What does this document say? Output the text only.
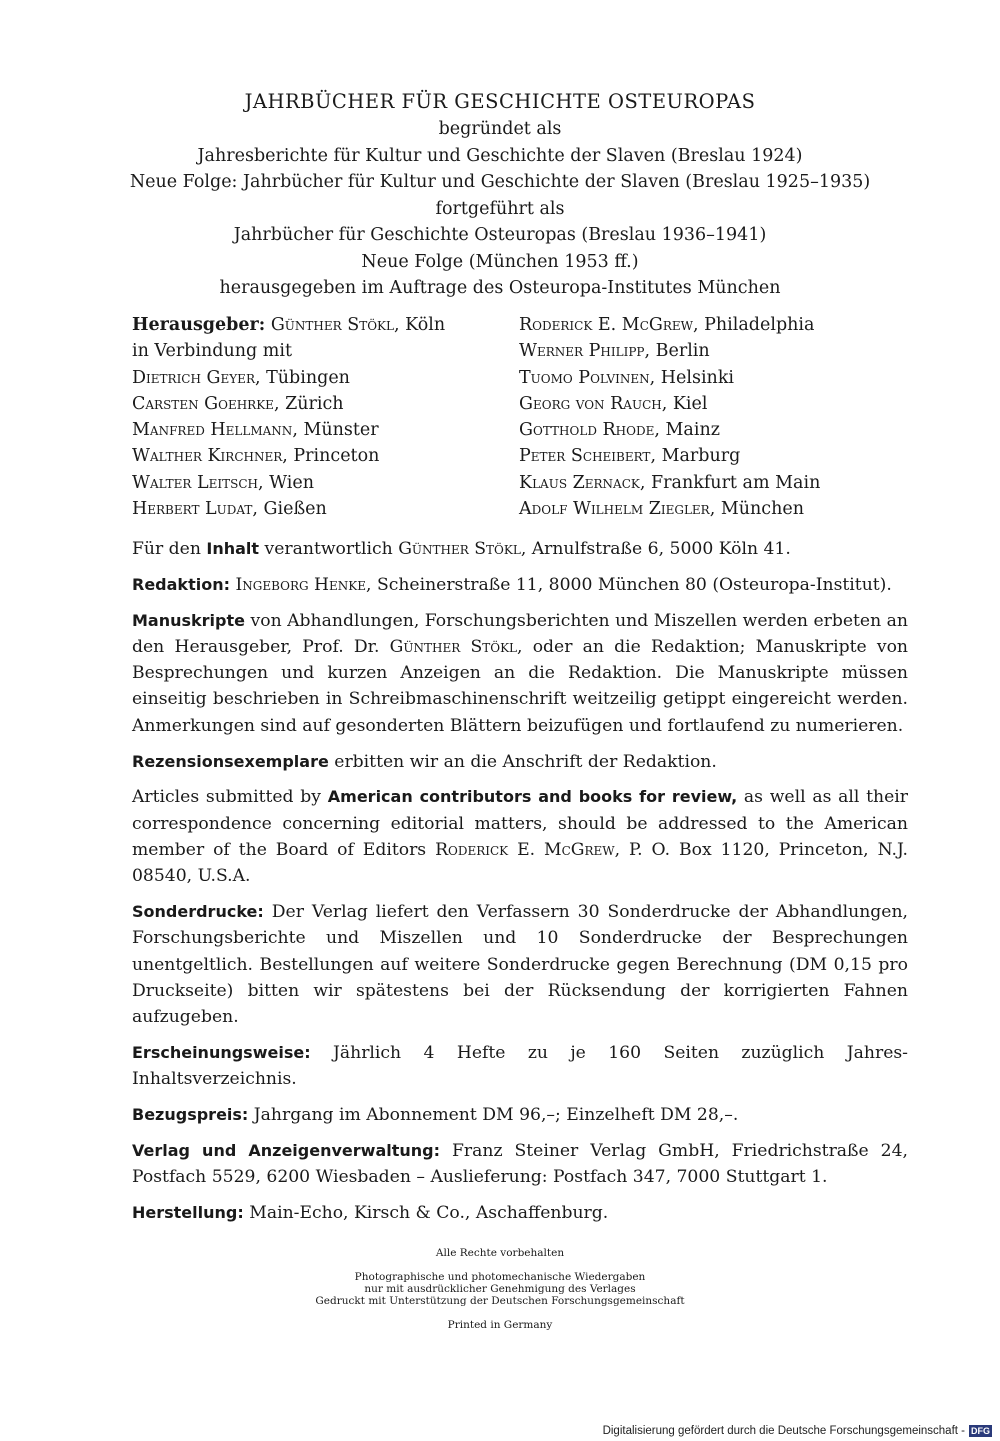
JAHRBÜCHER FÜR GESCHICHTE OSTEUROPAS
begründet als
Jahresberichte für Kultur und Geschichte der Slaven (Breslau 1924)
Neue Folge: Jahrbücher für Kultur und Geschichte der Slaven (Breslau 1925–1935)
fortgeführt als
Jahrbücher für Geschichte Osteuropas (Breslau 1936–1941)
Neue Folge (München 1953 ff.)
herausgegeben im Auftrage des Osteuropa-Institutes München
Herausgeber: Günther Stökl, Köln
in Verbindung mit
Dietrich Geyer, Tübingen
Carsten Goehrke, Zürich
Manfred Hellmann, Münster
Walther Kirchner, Princeton
Walter Leitsch, Wien
Herbert Ludat, Gießen
Roderick E. McGrew, Philadelphia
Werner Philipp, Berlin
Tuomo Polvinen, Helsinki
Georg von Rauch, Kiel
Gotthold Rhode, Mainz
Peter Scheibert, Marburg
Klaus Zernack, Frankfurt am Main
Adolf Wilhelm Ziegler, München

Für den Inhalt verantwortlich Günther Stökl, Arnulfstraße 6, 5000 Köln 41.

Redaktion: Ingeborg Henke, Scheinerstraße 11, 8000 München 80 (Osteuropa-Institut).

Manuskripte von Abhandlungen, Forschungsberichten und Miszellen werden erbeten an den Herausgeber, Prof. Dr. Günther Stökl, oder an die Redaktion; Manuskripte von Besprechungen und kurzen Anzeigen an die Redaktion. Die Manuskripte müssen einseitig beschrieben in Schreibmaschinenschrift weitzeilig getippt eingereicht werden. Anmerkungen sind auf gesonderten Blättern beizufügen und fortlaufend zu numerieren.

Rezensionsexemplare erbitten wir an die Anschrift der Redaktion.

Articles submitted by American contributors and books for review, as well as all their correspondence concerning editorial matters, should be addressed to the American member of the Board of Editors Roderick E. McGrew, P. O. Box 1120, Princeton, N.J. 08540, U.S.A.

Sonderdrucke: Der Verlag liefert den Verfassern 30 Sonderdrucke der Abhandlungen, Forschungsberichte und Miszellen und 10 Sonderdrucke der Besprechungen unentgeltlich. Bestellungen auf weitere Sonderdrucke gegen Berechnung (DM 0,15 pro Druckseite) bitten wir spätestens bei der Rücksendung der korrigierten Fahnen aufzugeben.

Erscheinungsweise: Jährlich 4 Hefte zu je 160 Seiten zuzüglich Jahres-Inhaltsverzeichnis.

Bezugspreis: Jahrgang im Abonnement DM 96,–; Einzelheft DM 28,–.

Verlag und Anzeigenverwaltung: Franz Steiner Verlag GmbH, Friedrichstraße 24, Postfach 5529, 6200 Wiesbaden – Auslieferung: Postfach 347, 7000 Stuttgart 1.

Herstellung: Main-Echo, Kirsch & Co., Aschaffenburg.

Alle Rechte vorbehalten
Photographische und photomechanische Wiedergaben
nur mit ausdrücklicher Genehmigung des Verlages
Gedruckt mit Unterstützung der Deutschen Forschungsgemeinschaft
Printed in Germany
Digitalisierung gefördert durch die Deutsche Forschungsgemeinschaft - DFG
